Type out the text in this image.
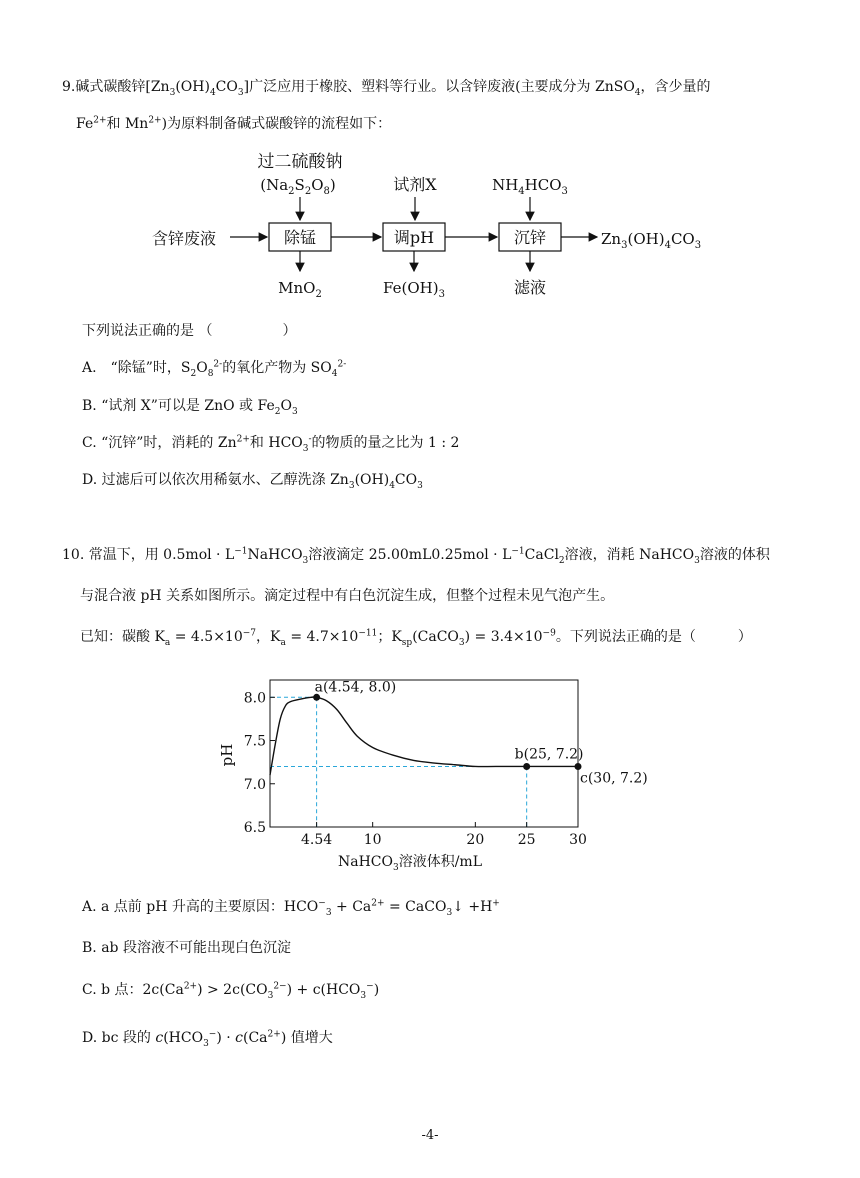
9.碱式碳酸锌$[Zn_3(OH)_4CO_3]$广泛应用于橡胶、塑料等行业。以含锌废液(主要成分为 ZnSO$_4$，含少量的
$Fe^{2+}$和 $Mn^{2+}$)为原料制备碱式碳酸锌的流程如下：
过二硫酸钠
$(Na_2S_2O_8)$	试剂X	$NH_4HCO_3$
除锰	调pH	沉锌
含锌废液	$Zn_3(OH)_4CO_3$
MnO$_2$	$Fe(OH)_3$	滤液
下列说法正确的是 （　　　　　）
A.　“除锰”时，$S_2O_8^{2-}$的氧化产物为 $SO_4^{2-}$
B. “试剂 X”可以是 ZnO 或 $Fe_2O_3$
C. “沉锌”时，消耗的 $Zn^{2+}$和 $HCO_3^-$的物质的量之比为 1 : 2
D. 过滤后可以依次用稀氨水、乙醇洗涤 $Zn_3(OH)_4CO_3$
10. 常温下，用 $0.5mol \cdot L^{-1}NaHCO_3$溶液滴定 $25.00mL0.25mol \cdot L^{-1}CaCl_2$溶液，消耗 NaHCO$_3$溶液的体积
与混合液 pH 关系如图所示。滴定过程中有白色沉淀生成，但整个过程未见气泡产生。
已知：碳酸 $K_a = 4.5\times 10^{-7}$，$K_a = 4.7\times 10^{-11}$；$K_{sp}(CaCO_3) = 3.4\times 10^{-9}$。下列说法正确的是（　　　）
a(4.54, 8.0)
b(25, 7.2)
c(30, 7.2)
4.54 10	20 25 30
6.5
7.0
7.5
8.0
pH
NaHCO$_3$溶液体积/mL
A. a 点前 pH 升高的主要原因：$HCO^-_3 + Ca^{2+}$ = CaCO$_3$↓ +H+
B. ab 段溶液不可能出现白色沉淀
C. b 点：$2c(Ca^{2+}) > 2c(CO_3^{2-}) + c(HCO_3^-)$
D. bc 段的 $c(HCO_3^-) \cdot c(Ca^{2+})$ 值增大
-4-
